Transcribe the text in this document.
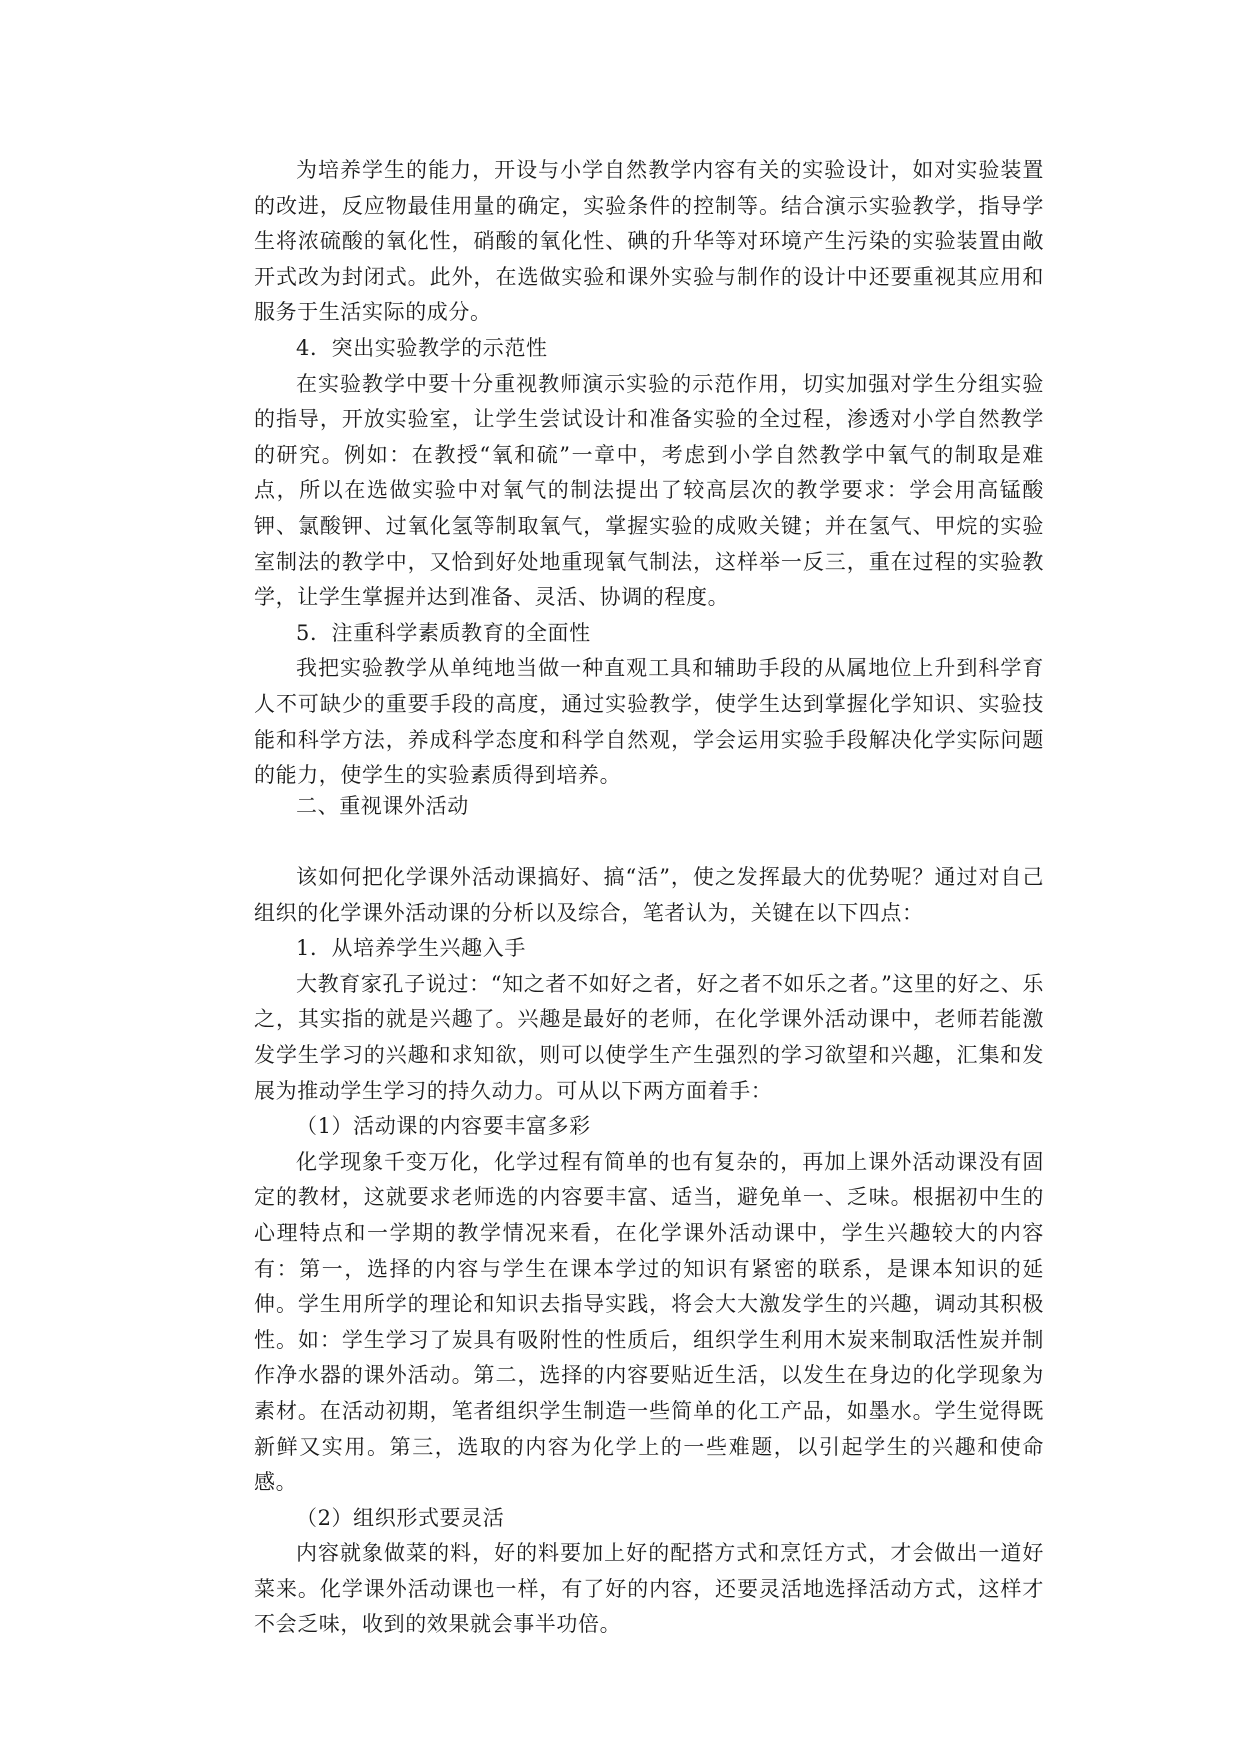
为培养学生的能力，开设与小学自然教学内容有关的实验设计，如对实验装置的改进，反应物最佳用量的确定，实验条件的控制等。结合演示实验教学，指导学生将浓硫酸的氧化性，硝酸的氧化性、碘的升华等对环境产生污染的实验装置由敞开式改为封闭式。此外，在选做实验和课外实验与制作的设计中还要重视其应用和服务于生活实际的成分。

4．突出实验教学的示范性

在实验教学中要十分重视教师演示实验的示范作用，切实加强对学生分组实验的指导，开放实验室，让学生尝试设计和准备实验的全过程，渗透对小学自然教学的研究。例如：在教授“氧和硫”一章中，考虑到小学自然教学中氧气的制取是难点，所以在选做实验中对氧气的制法提出了较高层次的教学要求：学会用高锰酸钾、氯酸钾、过氧化氢等制取氧气，掌握实验的成败关键；并在氢气、甲烷的实验室制法的教学中，又恰到好处地重现氧气制法，这样举一反三，重在过程的实验教学，让学生掌握并达到准备、灵活、协调的程度。

5．注重科学素质教育的全面性

我把实验教学从单纯地当做一种直观工具和辅助手段的从属地位上升到科学育人不可缺少的重要手段的高度，通过实验教学，使学生达到掌握化学知识、实验技能和科学方法，养成科学态度和科学自然观，学会运用实验手段解决化学实际问题的能力，使学生的实验素质得到培养。

二、重视课外活动

该如何把化学课外活动课搞好、搞“活”，使之发挥最大的优势呢？通过对自己组织的化学课外活动课的分析以及综合，笔者认为，关键在以下四点：

1．从培养学生兴趣入手

大教育家孔子说过：“知之者不如好之者，好之者不如乐之者。”这里的好之、乐之，其实指的就是兴趣了。兴趣是最好的老师，在化学课外活动课中，老师若能激发学生学习的兴趣和求知欲，则可以使学生产生强烈的学习欲望和兴趣，汇集和发展为推动学生学习的持久动力。可从以下两方面着手：

（1）活动课的内容要丰富多彩

化学现象千变万化，化学过程有简单的也有复杂的，再加上课外活动课没有固定的教材，这就要求老师选的内容要丰富、适当，避免单一、乏味。根据初中生的心理特点和一学期的教学情况来看，在化学课外活动课中，学生兴趣较大的内容有：第一，选择的内容与学生在课本学过的知识有紧密的联系，是课本知识的延伸。学生用所学的理论和知识去指导实践，将会大大激发学生的兴趣，调动其积极性。如：学生学习了炭具有吸附性的性质后，组织学生利用木炭来制取活性炭并制作净水器的课外活动。第二，选择的内容要贴近生活，以发生在身边的化学现象为素材。在活动初期，笔者组织学生制造一些简单的化工产品，如墨水。学生觉得既新鲜又实用。第三，选取的内容为化学上的一些难题，以引起学生的兴趣和使命感。

（2）组织形式要灵活

内容就象做菜的料，好的料要加上好的配搭方式和烹饪方式，才会做出一道好菜来。化学课外活动课也一样，有了好的内容，还要灵活地选择活动方式，这样才不会乏味，收到的效果就会事半功倍。
